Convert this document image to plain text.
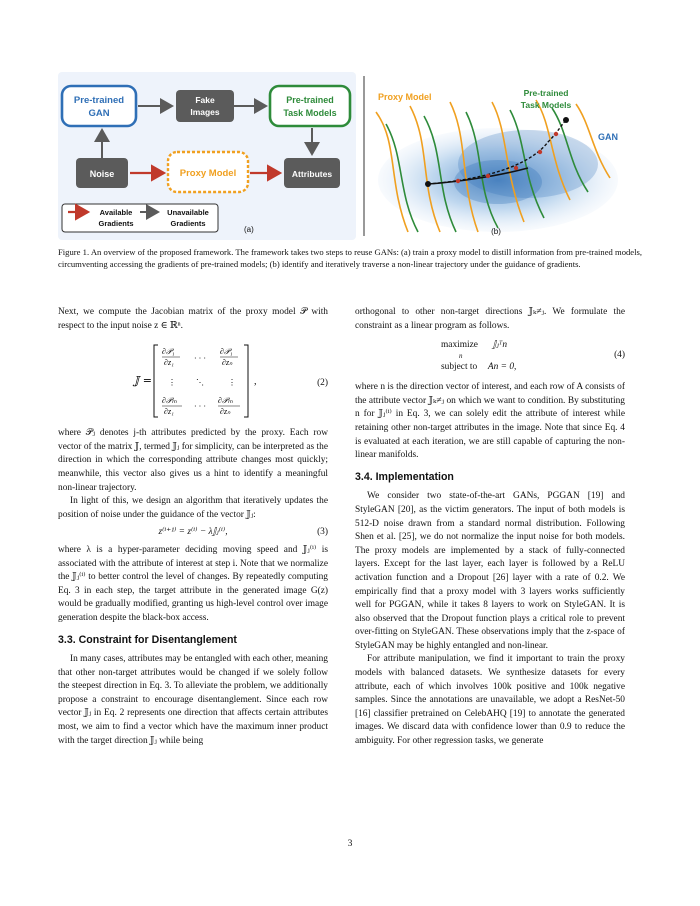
Pre-trained
GAN
Fake
Images
Pre-trained
Task Models
Noise	Proxy Model	Attributes
Available
Gradients
Unavailable
Gradients
(a)
Proxy Model	Pre-trained
Task Models
GAN
(b)
Figure 1. An overview of the proposed framework. The framework takes two steps to reuse GANs: (a) train a proxy model to distill information from pre-trained models, circumventing accessing the gradients of pre-trained models; (b) identify and iteratively traverse a non-linear trajectory under the guidance of gradients.

Next, we compute the Jacobian matrix of the proxy model 𝒫 with respect to the input noise z ∈ ℝⁿ.

𝕁 =
∂𝒫₁
∂z₁	· · ·
∂𝒫₁
∂zₙ
⋮	⋱	⋮
∂𝒫ₘ
∂z₁
· · ·
∂𝒫ₘ
∂zₙ
,	(2)

where 𝒫ⱼ denotes j-th attributes predicted by the proxy. Each row vector of the matrix 𝕁, termed 𝕁ⱼ for simplicity, can be interpreted as the direction in which the corresponding attribute changes most quickly; meanwhile, this vector also gives us a hint to identify a meaningful non-linear trajectory.

In light of this, we design an algorithm that iteratively updates the position of noise under the guidance of the vector 𝕁ⱼ:

z⁽ⁱ⁺¹⁾ = z⁽ⁱ⁾ − λ𝕁ⱼ⁽ⁱ⁾,	(3)

where λ is a hyper-parameter deciding moving speed and 𝕁ⱼ⁽ⁱ⁾ is associated with the attribute of interest at step i. Note that we normalize the 𝕁ⱼ⁽ⁱ⁾ to better control the level of changes. By repeatedly computing Eq. 3 in each step, the target attribute in the generated image G(z) would be gradually modified, granting us high-level control over image generation despite the black-box access.

3.3. Constraint for Disentanglement

In many cases, attributes may be entangled with each other, meaning that other non-target attributes would be changed if we solely follow the steepest direction in Eq. 3. To alleviate the problem, we additionally propose a constraint to encourage disentanglement. Since each row vector 𝕁ⱼ in Eq. 2 represents one direction that affects certain attributes most, we aim to find a vector which have the maximum inner product with the target direction 𝕁ⱼ while being

orthogonal to other non-target directions 𝕁ₖ≠ⱼ. We formulate the constraint as a linear program as follows.

maximize 𝕁ⱼᵀn
n
subject to An = 0,
(4)

where n is the direction vector of interest, and each row of A consists of the attribute vector 𝕁ₖ≠ⱼ on which we want to condition. By substituting n for 𝕁ⱼ⁽ⁱ⁾ in Eq. 3, we can solely edit the attribute of interest while retaining other non-target attributes in the image. Note that since Eq. 4 is evaluated at each iteration, we are still capable of capturing the non-linear manifolds.

3.4. Implementation

We consider two state-of-the-art GANs, PGGAN [19] and StyleGAN [20], as the victim generators. The input of both models is 512-D noise drawn from a standard normal distribution. Following Shen et al. [25], we do not normalize the input noise for both models. The proxy models are implemented by a stack of fully-connected layers. Except for the last layer, each layer is followed by a ReLU activation function and a Dropout [26] layer with a rate of 0.2. We empirically find that a proxy model with 3 layers works sufficiently well for PGGAN, while it takes 8 layers to work on StyleGAN. It is also observed that the Dropout function plays a critical role to prevent over-fitting on StyleGAN. These observations imply that the z-space of StyleGAN may be highly entangled and non-linear.

For attribute manipulation, we find it important to train the proxy models with balanced datasets. We synthesize datasets for every attribute, each of which involves 100k positive and 100k negative samples. Since the annotations are unavailable, we adopt a ResNet-50 [16] classifier pretrained on CelebAHQ [19] to annotate the generated images. We discard data with confidence lower than 0.9 to reduce the ambiguity. For other regression tasks, we generate

3
